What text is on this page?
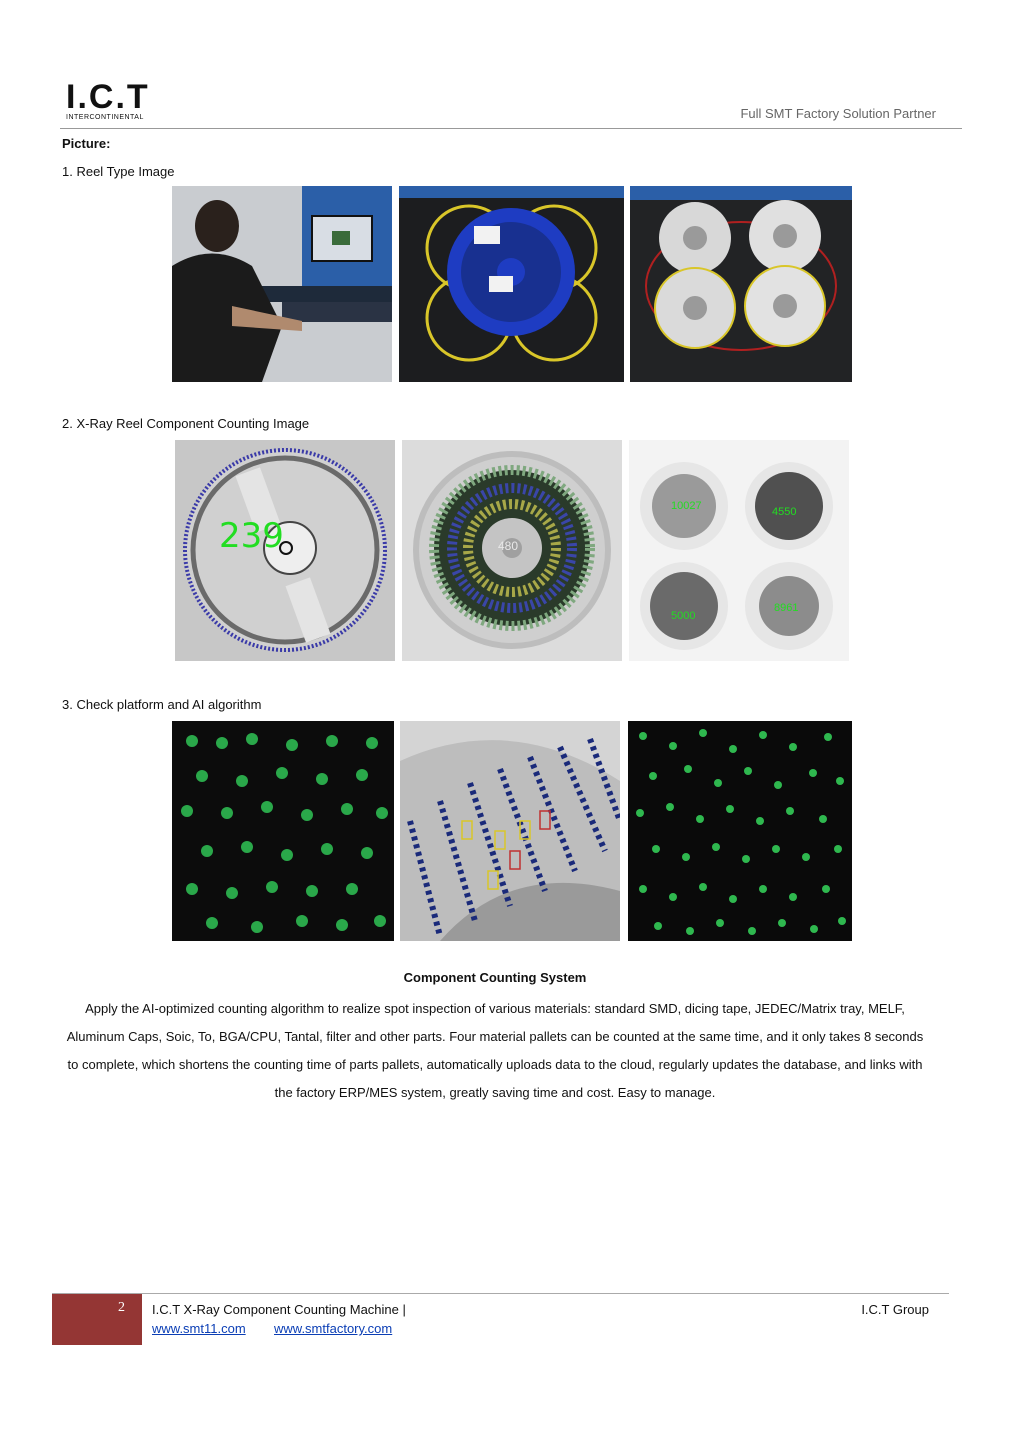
I.C.T
INTERCONTINENTAL	Full SMT Factory Solution Partner
Picture:
1. Reel Type Image
2. X-Ray Reel Component Counting Image
239	480
10027	4550
5000
8961
3. Check platform and AI algorithm
Component Counting System
Apply the AI-optimized counting algorithm to realize spot inspection of various materials: standard SMD, dicing tape, JEDEC/Matrix tray, MELF, Aluminum Caps, Soic, To, BGA/CPU, Tantal, filter and other parts. Four material pallets can be counted at the same time, and it only takes 8 seconds to complete, which shortens the counting time of parts pallets, automatically uploads data to the cloud, regularly updates the database, and links with the factory ERP/MES system, greatly saving time and cost. Easy to manage.
2 I.C.T X-Ray Component Counting Machine |	I.C.T Group
www.smt11.com www.smtfactory.com
